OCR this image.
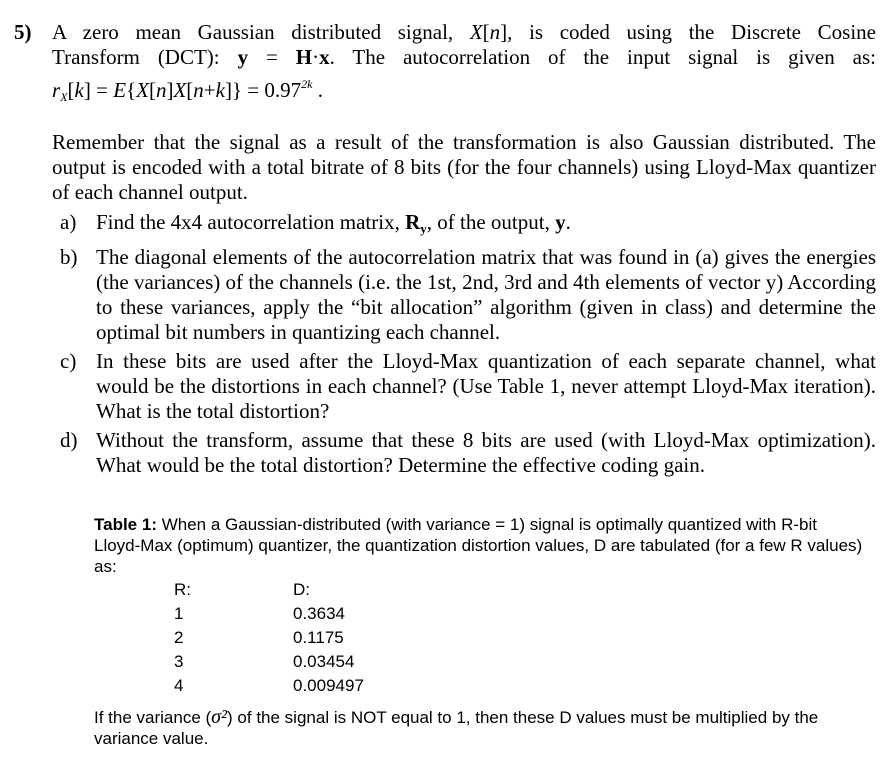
5) A zero mean Gaussian distributed signal, X[n], is coded using the Discrete Cosine
Transform (DCT): y = H·x. The autocorrelation of the input signal is given as:
$r_X[k] = E\{X[n]X[n+k]\} = 0.97^{2k}$ .
Remember that the signal as a result of the transformation is also Gaussian distributed. The output is encoded with a total bitrate of 8 bits (for the four channels) using Lloyd-Max quantizer of each channel output.
a) Find the 4x4 autocorrelation matrix, $R_y$, of the output, y.
b) The diagonal elements of the autocorrelation matrix that was found in (a) gives the energies (the variances) of the channels (i.e. the 1st, 2nd, 3rd and 4th elements of vector y) According to these variances, apply the “bit allocation” algorithm (given in class) and determine the optimal bit numbers in quantizing each channel.
c) In these bits are used after the Lloyd-Max quantization of each separate channel, what would be the distortions in each channel? (Use Table 1, never attempt Lloyd-Max iteration). What is the total distortion?
d) Without the transform, assume that these 8 bits are used (with Lloyd-Max optimization). What would be the total distortion? Determine the effective coding gain.

Table 1: When a Gaussian-distributed (with variance = 1) signal is optimally quantized with R-bit Lloyd-Max (optimum) quantizer, the quantization distortion values, D are tabulated (for a few R values) as:

R:	D:
1	0.3634
2	0.1175
3	0.03454
4	0.009497

If the variance (σ²) of the signal is NOT equal to 1, then these D values must be multiplied by the variance value.
